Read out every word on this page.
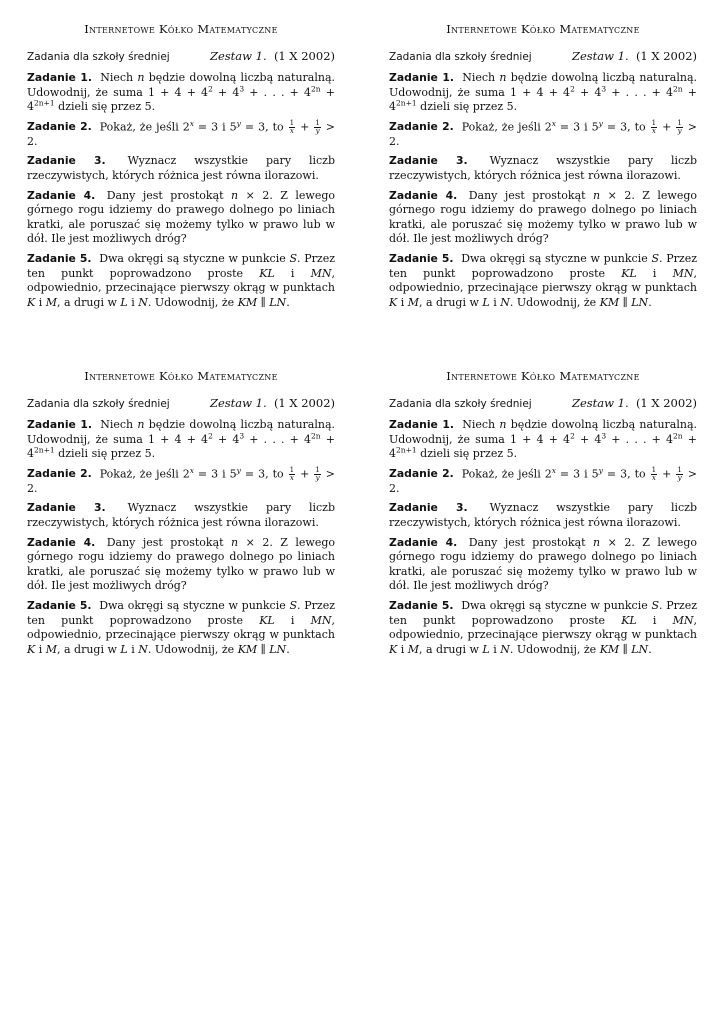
Internetowe Kółko Matematyczne
Zadania dla szkoły średniej	Zestaw 1. (1 X 2002)

Zadanie 1. Niech n będzie dowolną liczbą naturalną. Udowodnij, że suma $1 + 4 + 4^2 + 4^3$ + . . . + $4^{2n} + 4^{2n+1}$ dzieli się przez 5.

Zadanie 2. Pokaż, że jeśli $2^x = 3$ i $5^y = 3$, to $\frac{1}{x} + \frac{1}{y} > 2$.

Zadanie 3. Wyznacz wszystkie pary liczb rzeczywistych, których różnica jest równa ilorazowi.

Zadanie 4. Dany jest prostokąt n × 2. Z lewego górnego rogu idziemy do prawego dolnego po liniach kratki, ale poruszać się możemy tylko w prawo lub w dół. Ile jest możliwych dróg?

Zadanie 5. Dwa okręgi są styczne w punkcie S. Przez ten punkt poprowadzono proste KL i MN, odpowiednio, przecinające pierwszy okrąg w punktach K i M, a drugi w L i N. Udowodnij, że KM ∥ LN.

Internetowe Kółko Matematyczne
Zadania dla szkoły średniej	Zestaw 1. (1 X 2002)

Zadanie 1. Niech n będzie dowolną liczbą naturalną. Udowodnij, że suma $1 + 4 + 4^2 + 4^3$ + . . . + $4^{2n} + 4^{2n+1}$ dzieli się przez 5.

Zadanie 2. Pokaż, że jeśli $2^x = 3$ i $5^y = 3$, to $\frac{1}{x} + \frac{1}{y} > 2$.

Zadanie 3. Wyznacz wszystkie pary liczb rzeczywistych, których różnica jest równa ilorazowi.

Zadanie 4. Dany jest prostokąt n × 2. Z lewego górnego rogu idziemy do prawego dolnego po liniach kratki, ale poruszać się możemy tylko w prawo lub w dół. Ile jest możliwych dróg?

Zadanie 5. Dwa okręgi są styczne w punkcie S. Przez ten punkt poprowadzono proste KL i MN, odpowiednio, przecinające pierwszy okrąg w punktach K i M, a drugi w L i N. Udowodnij, że KM ∥ LN.

Internetowe Kółko Matematyczne
Zadania dla szkoły średniej	Zestaw 1. (1 X 2002)

Zadanie 1. Niech n będzie dowolną liczbą naturalną. Udowodnij, że suma $1 + 4 + 4^2 + 4^3$ + . . . + $4^{2n} + 4^{2n+1}$ dzieli się przez 5.

Zadanie 2. Pokaż, że jeśli $2^x = 3$ i $5^y = 3$, to $\frac{1}{x} + \frac{1}{y} > 2$.

Zadanie 3. Wyznacz wszystkie pary liczb rzeczywistych, których różnica jest równa ilorazowi.

Zadanie 4. Dany jest prostokąt n × 2. Z lewego górnego rogu idziemy do prawego dolnego po liniach kratki, ale poruszać się możemy tylko w prawo lub w dół. Ile jest możliwych dróg?

Zadanie 5. Dwa okręgi są styczne w punkcie S. Przez ten punkt poprowadzono proste KL i MN, odpowiednio, przecinające pierwszy okrąg w punktach K i M, a drugi w L i N. Udowodnij, że KM ∥ LN.

Internetowe Kółko Matematyczne
Zadania dla szkoły średniej	Zestaw 1. (1 X 2002)

Zadanie 1. Niech n będzie dowolną liczbą naturalną. Udowodnij, że suma $1 + 4 + 4^2 + 4^3$ + . . . + $4^{2n} + 4^{2n+1}$ dzieli się przez 5.

Zadanie 2. Pokaż, że jeśli $2^x = 3$ i $5^y = 3$, to $\frac{1}{x} + \frac{1}{y} > 2$.

Zadanie 3. Wyznacz wszystkie pary liczb rzeczywistych, których różnica jest równa ilorazowi.

Zadanie 4. Dany jest prostokąt n × 2. Z lewego górnego rogu idziemy do prawego dolnego po liniach kratki, ale poruszać się możemy tylko w prawo lub w dół. Ile jest możliwych dróg?

Zadanie 5. Dwa okręgi są styczne w punkcie S. Przez ten punkt poprowadzono proste KL i MN, odpowiednio, przecinające pierwszy okrąg w punktach K i M, a drugi w L i N. Udowodnij, że KM ∥ LN.
